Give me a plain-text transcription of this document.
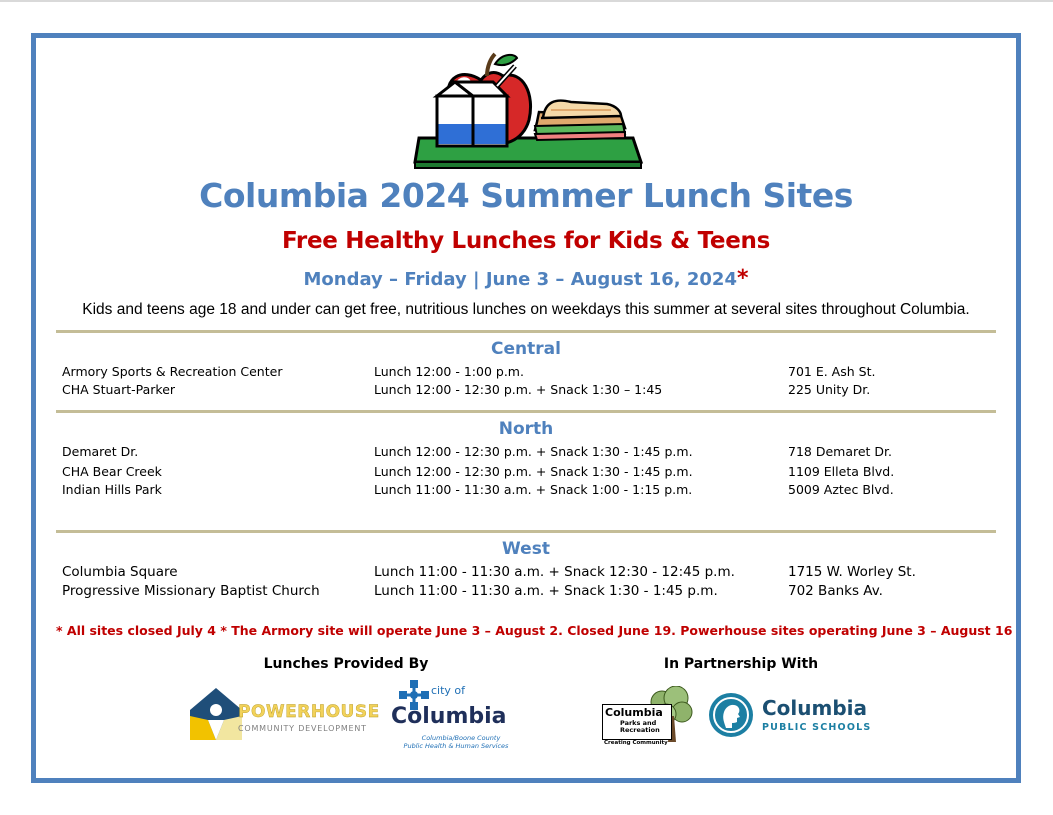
Columbia 2024 Summer Lunch Sites
Free Healthy Lunches for Kids & Teens
Monday – Friday | June 3 – August 16, 2024*
Kids and teens age 18 and under can get free, nutritious lunches on weekdays this summer at several sites throughout Columbia.
Central
Armory Sports & Recreation Center	Lunch 12:00 - 1:00 p.m.	701 E. Ash St.
CHA Stuart-Parker	Lunch 12:00 - 12:30 p.m. + Snack 1:30 – 1:45	225 Unity Dr.
North
Demaret Dr.	Lunch 12:00 - 12:30 p.m. + Snack 1:30 - 1:45 p.m.	718 Demaret Dr.
CHA Bear Creek	Lunch 12:00 - 12:30 p.m. + Snack 1:30 - 1:45 p.m.	1109 Elleta Blvd.
Indian Hills Park	Lunch 11:00 - 11:30 a.m. + Snack 1:00 - 1:15 p.m.	5009 Aztec Blvd.
West
Columbia Square	Lunch 11:00 - 11:30 a.m. + Snack 12:30 - 12:45 p.m.	1715 W. Worley St.
Progressive Missionary Baptist Church	Lunch 11:00 - 11:30 a.m. + Snack 1:30 - 1:45 p.m.	702 Banks Av.
* All sites closed July 4 * The Armory site will operate June 3 – August 2. Closed June 19. Powerhouse sites operating June 3 – August 16
Lunches Provided By	In Partnership With
POWERHOUSE
COMMUNITY DEVELOPMENT
city of
Columbia
Columbia/Boone County
Public Health & Human Services
Columbia
Parks and Recreation
Creating Community
Columbia
PUBLIC SCHOOLS
